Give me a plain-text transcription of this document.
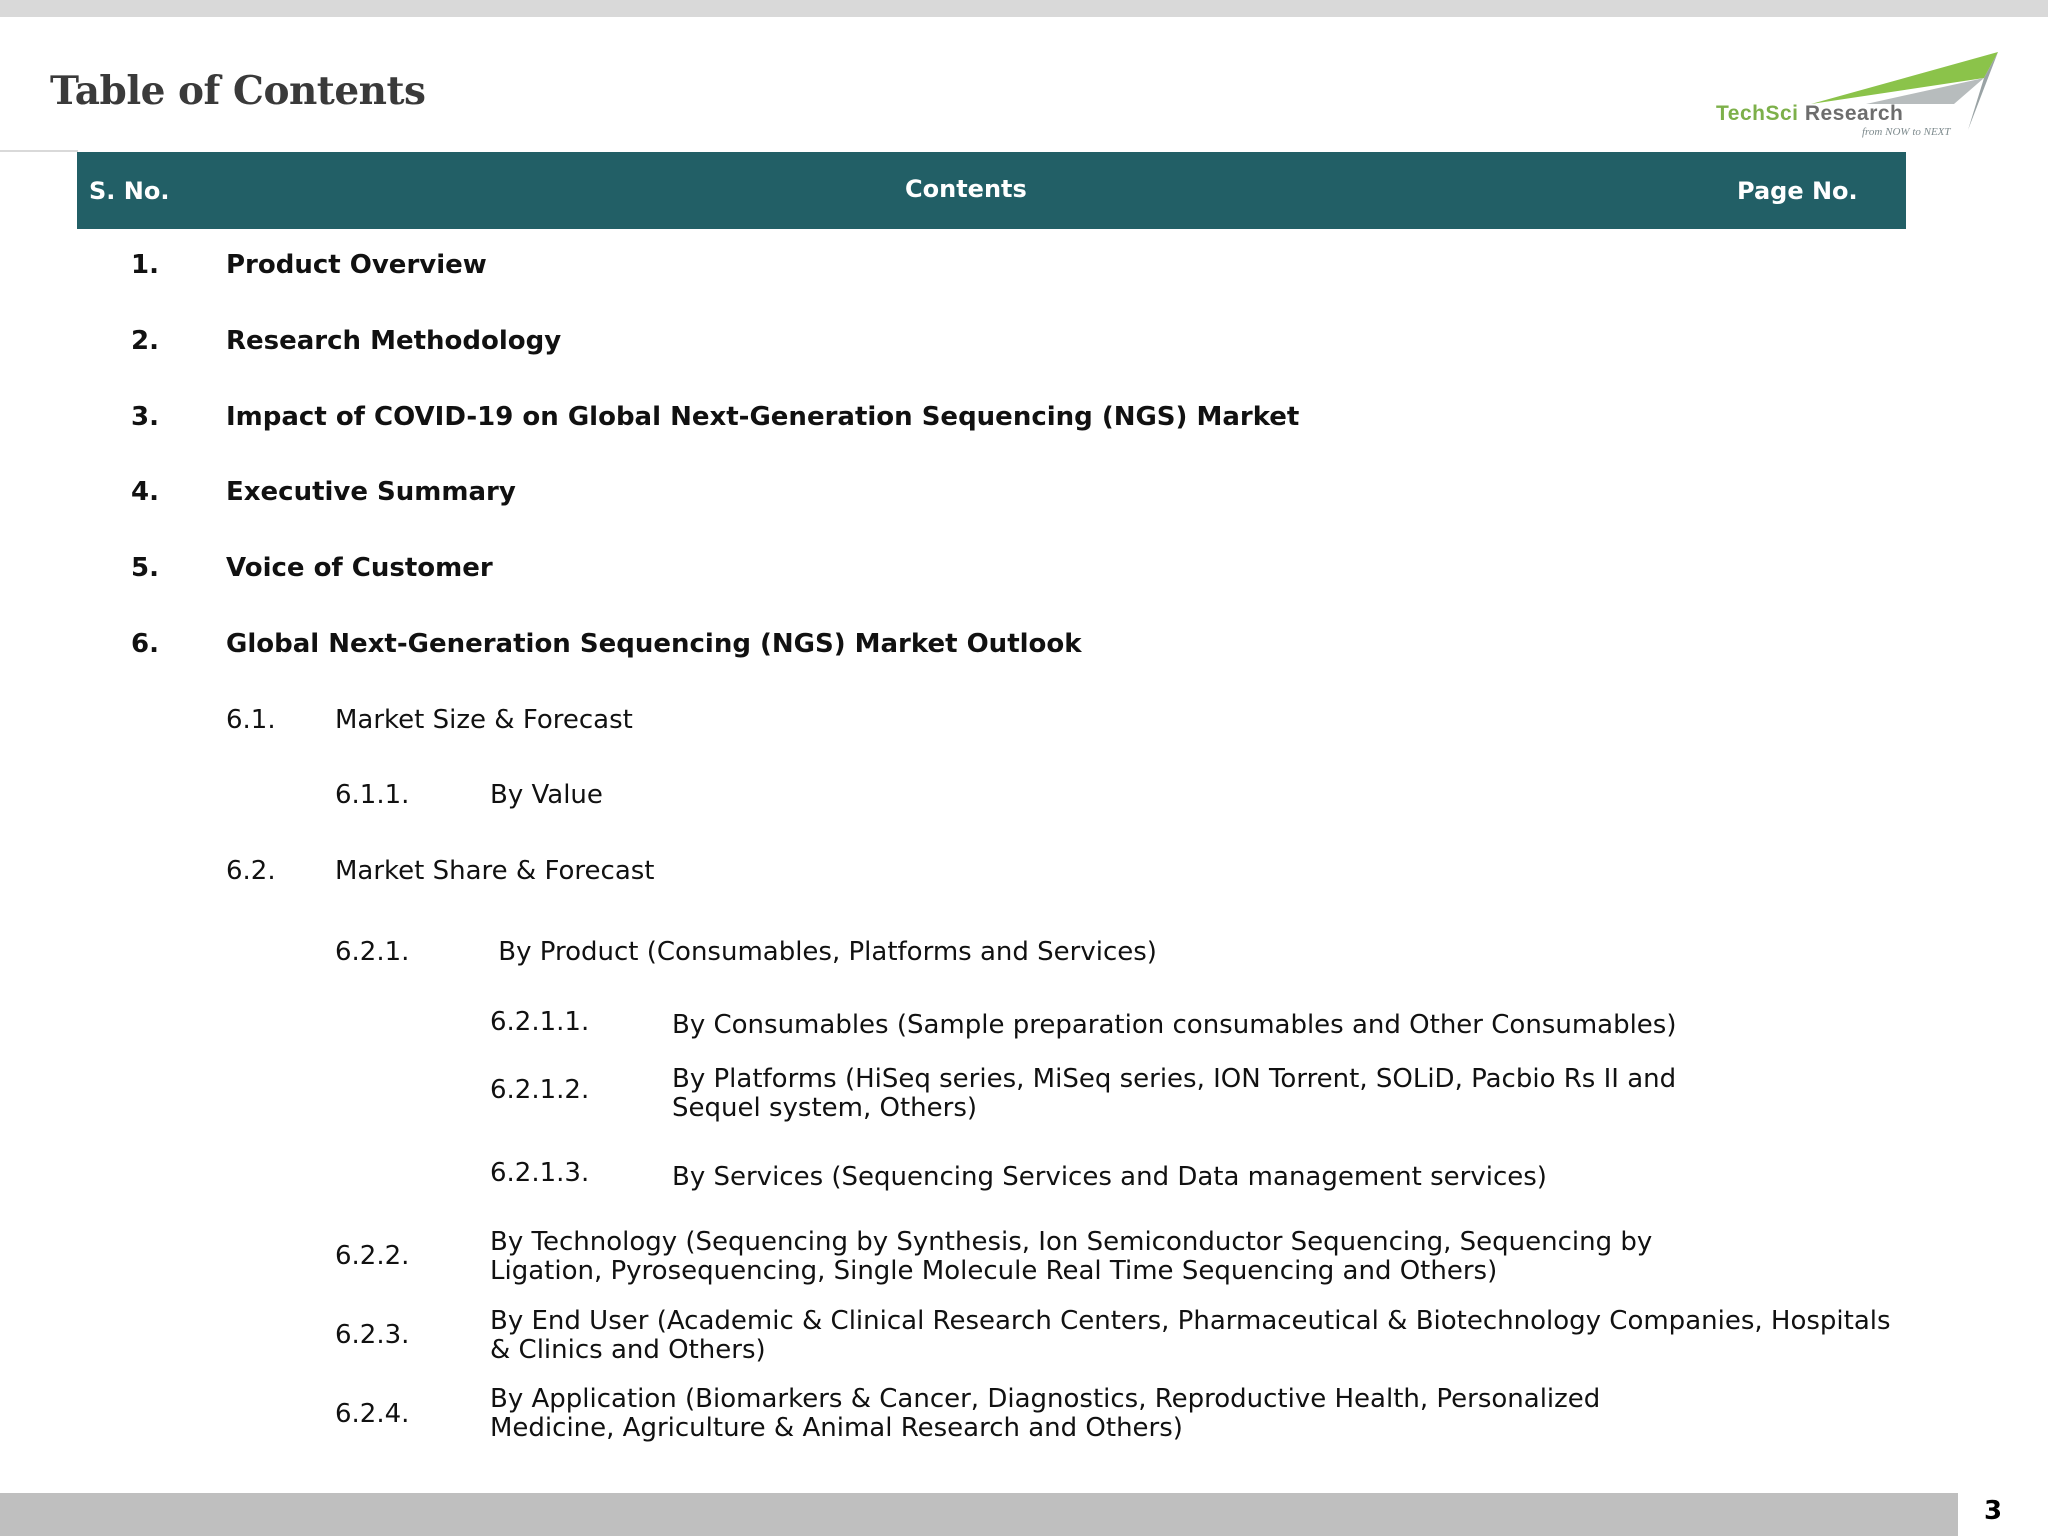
Table of Contents	TechSci Research
from NOW to NEXT
S. No.	Contents	Page No.
1.	Product Overview
2.	Research Methodology
3.	Impact of COVID-19 on Global Next-Generation Sequencing (NGS) Market
4.	Executive Summary
5.	Voice of Customer
6.	Global Next-Generation Sequencing (NGS) Market Outlook
6.1. Market Size & Forecast
6.1.1.	By Value
6.2. Market Share & Forecast
6.2.1.	By Product (Consumables, Platforms and Services)
6.2.1.1.	By Consumables (Sample preparation consumables and Other Consumables)
6.2.1.2.	By Platforms (HiSeq series, MiSeq series, ION Torrent, SOLiD, Pacbio Rs II and Sequel system, Others)
6.2.1.3.	By Services (Sequencing Services and Data management services)
6.2.2.	By Technology (Sequencing by Synthesis, Ion Semiconductor Sequencing, Sequencing by Ligation, Pyrosequencing, Single Molecule Real Time Sequencing and Others)
6.2.3.	By End User (Academic & Clinical Research Centers, Pharmaceutical & Biotechnology Companies, Hospitals & Clinics and Others)
6.2.4.	By Application (Biomarkers & Cancer, Diagnostics, Reproductive Health, Personalized Medicine, Agriculture & Animal Research and Others)
3
